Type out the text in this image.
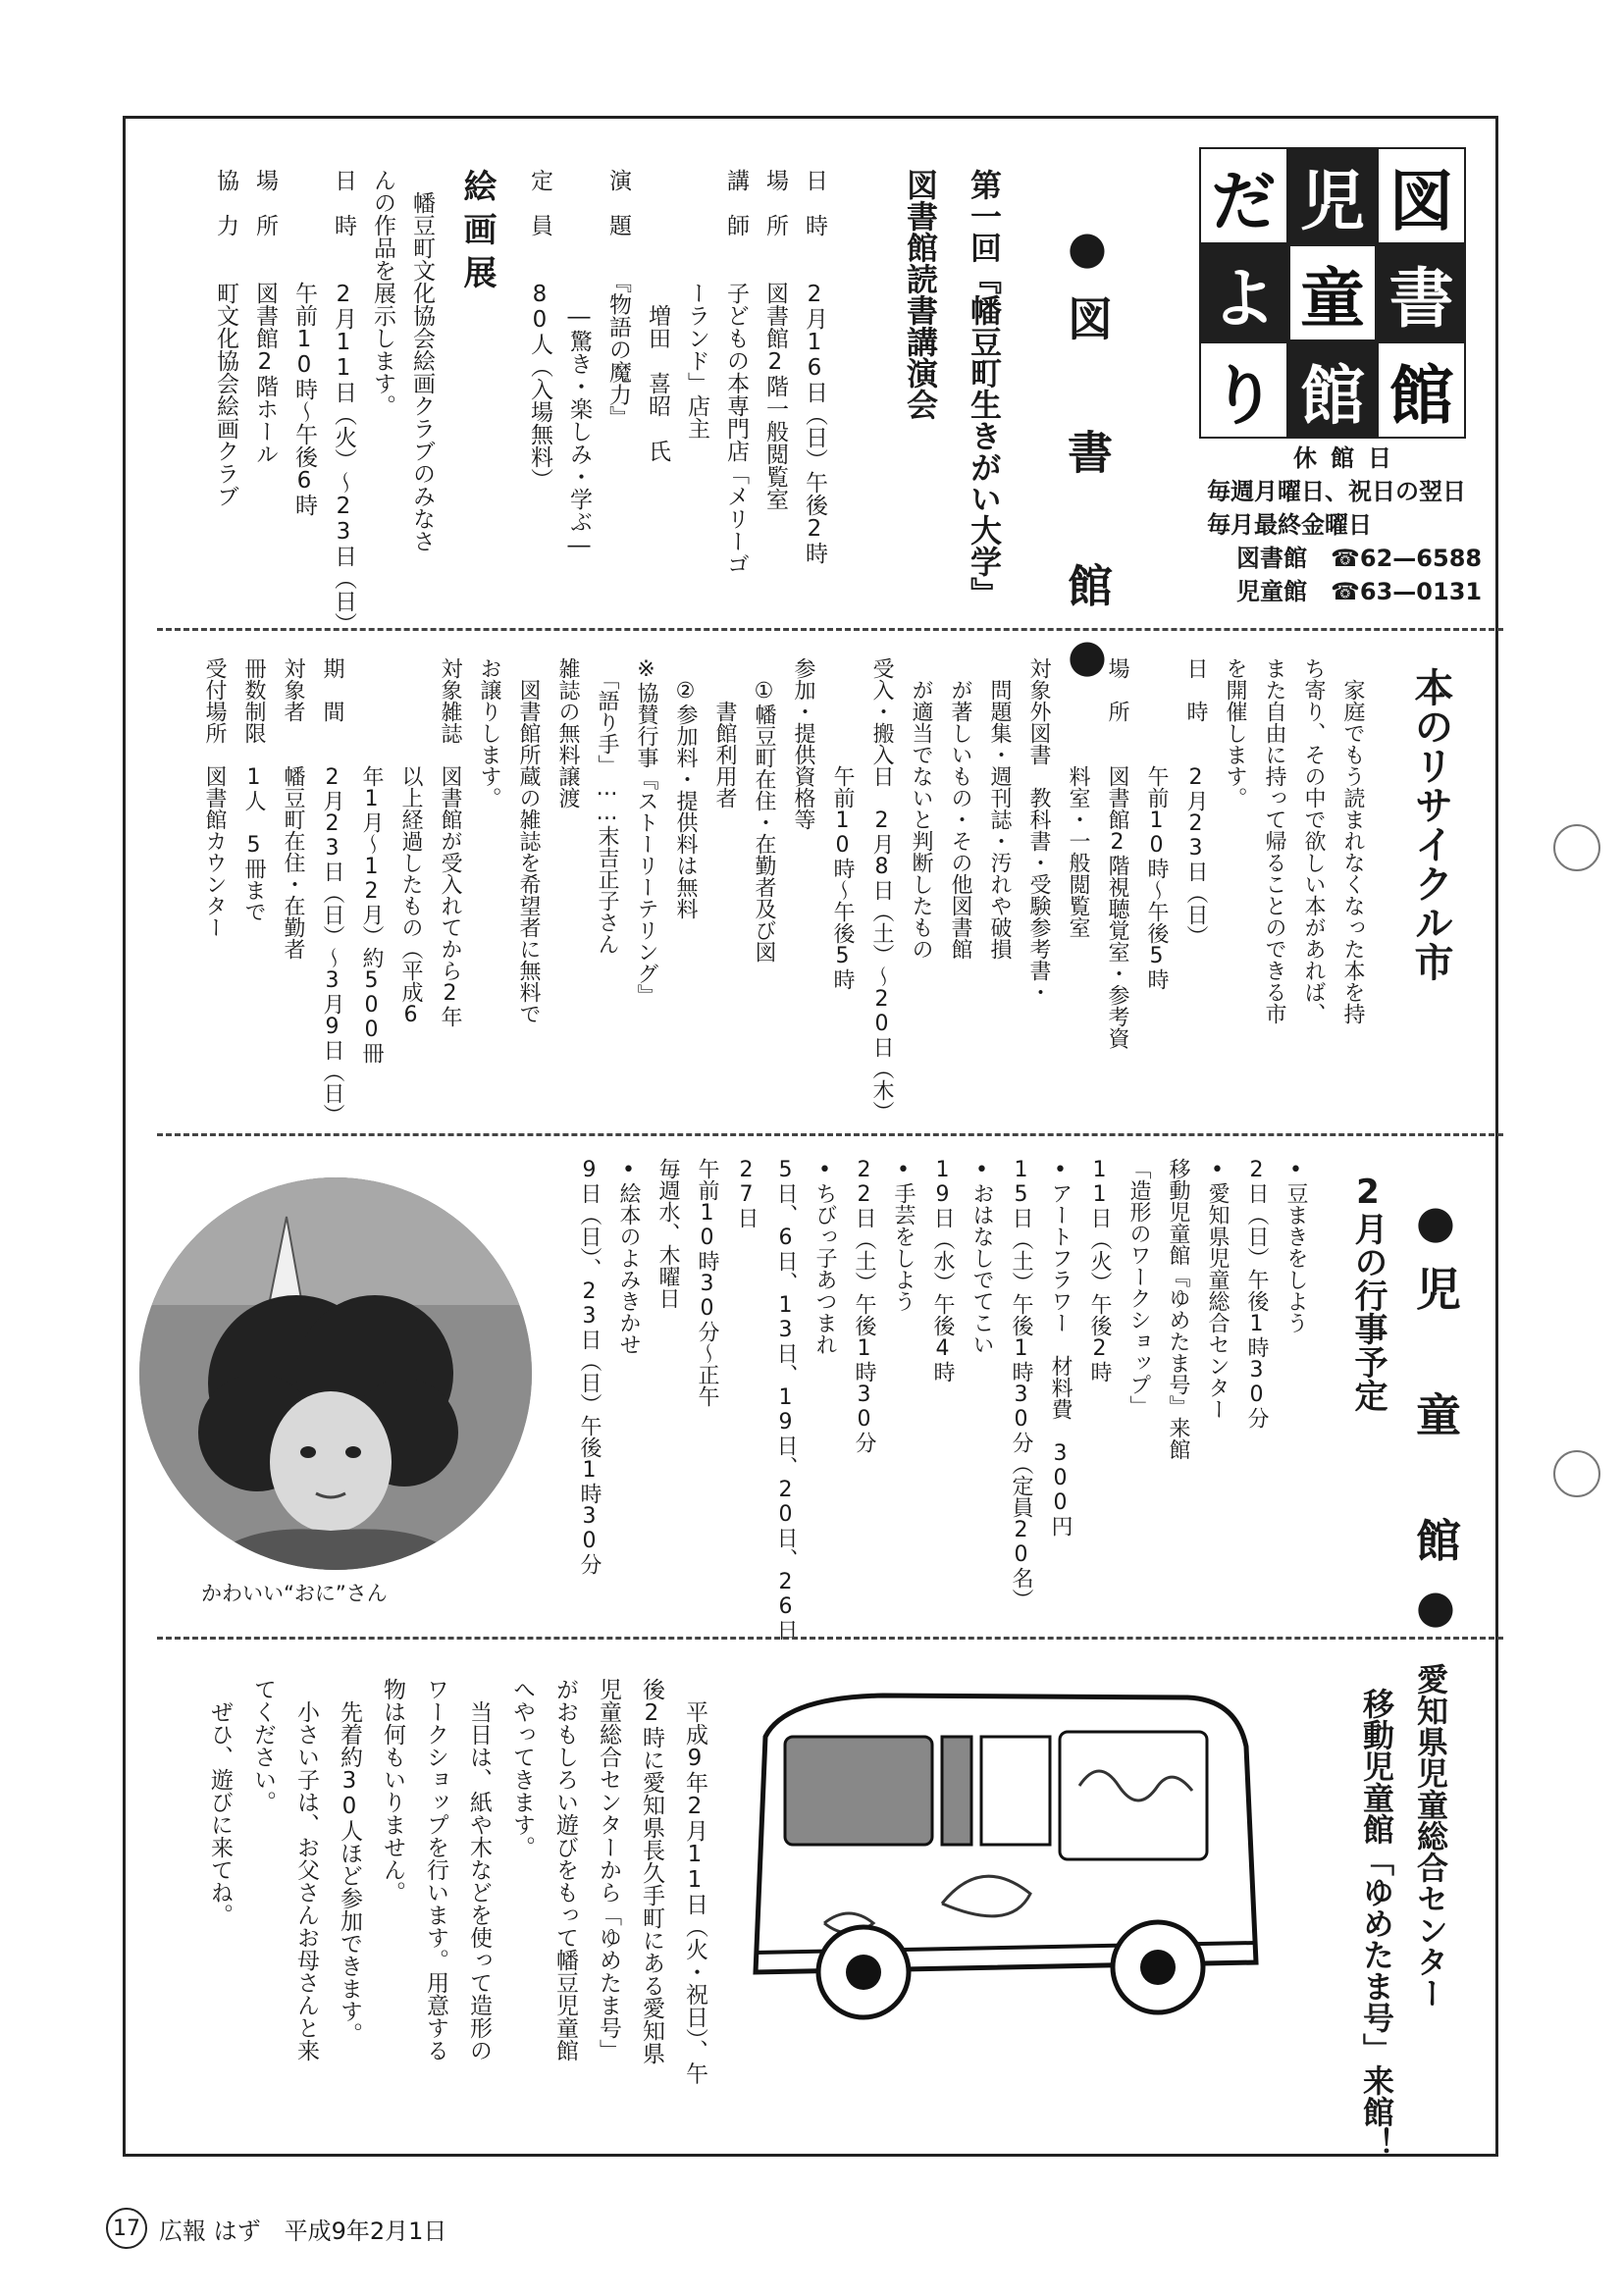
だ 児 図
よ 童 書
り 館 館
休館日
毎週月曜日、祝日の翌日
毎月最終金曜日
図書館　☎62—6588
児童館　☎63—0131
●図　書　館●
第一回『幡豆町生きがい大学』
図書館読書講演会
日　時　　2月16日（日）午後2時
場　所　　図書館2階一般閲覧室
講　師　　子どもの本専門店「メリーゴ
　　　　　ーランド」店主
　　　　　　増田　喜昭　氏
演　題　　『物語の魔力』
　　　　　　―驚き・楽しみ・学ぶ―
定　員　　80人（入場無料）
絵画展
　幡豆町文化協会絵画クラブのみなさ
んの作品を展示します。
日　時　　2月11日（火）～23日（日）
　　　　　午前10時～午後6時
場　所　　図書館2階ホール
協　力　　町文化協会絵画クラブ
本のリサイクル市
　家庭でもう読まれなくなった本を持
ち寄り、その中で欲しい本があれば、
また自由に持って帰ることのできる市
を開催します。
日　時　　2月23日（日）
　　　　　午前10時～午後5時
場　所　　図書館2階視聴覚室・参考資
　　　　　料室・一般閲覧室
対象外図書　教科書・受験参考書・
　問題集・週刊誌・汚れや破損
　が著しいもの・その他図書館
　が適当でないと判断したもの
受入・搬入日　2月8日（土）～20日（木）
　　　　　午前10時～午後5時
参加・提供資格等
　①幡豆町在住・在勤者及び図
　　書館利用者
　②参加料・提供料は無料
※協賛行事『ストーリーテリング』
　「語り手」……末吉正子さん
雑誌の無料譲渡
　図書館所蔵の雑誌を希望者に無料で
お譲りします。
対象雑誌　図書館が受入れてから2年
　　　　　以上経過したもの（平成6
　　　　　年1月～12月）約500冊
期　間　　2月23日（日）～3月9日（日）
対象者　　幡豆町在住・在勤者
冊数制限　1人　5冊まで
受付場所　図書館カウンター
●児　童　館●
2月の行事予定
•豆まきをしよう
2日（日）午後1時30分
•愛知県児童総合センター
移動児童館『ゆめたま号』来館
「造形のワークショップ」
11日（火）午後2時
•アートフラワー　材料費　300円
15日（土）午後1時30分（定員20名）
•おはなしでてこい
19日（水）午後4時
•手芸をしよう
22日（土）午後1時30分
•ちびっ子あつまれ
5日、6日、13日、19日、20日、26日
27日
午前10時30分～正午
毎週水、木曜日
•絵本のよみきかせ
9日（日）、23日（日）午後1時30分
かわいい“おに”さん
愛知県児童総合センター
移動児童館「ゆめたま号」来館！
　平成9年2月11日（火・祝日）、午
後2時に愛知県長久手町にある愛知県
児童総合センターから「ゆめたま号」
がおもしろい遊びをもって幡豆児童館
へやってきます。
　当日は、紙や木などを使って造形の
ワークショップを行います。用意する
物は何もいりません。
　先着約30人ほど参加できます。
　小さい子は、お父さんお母さんと来
てください。
　ぜひ、遊びに来てね。
17 広報 はず　平成9年2月1日
